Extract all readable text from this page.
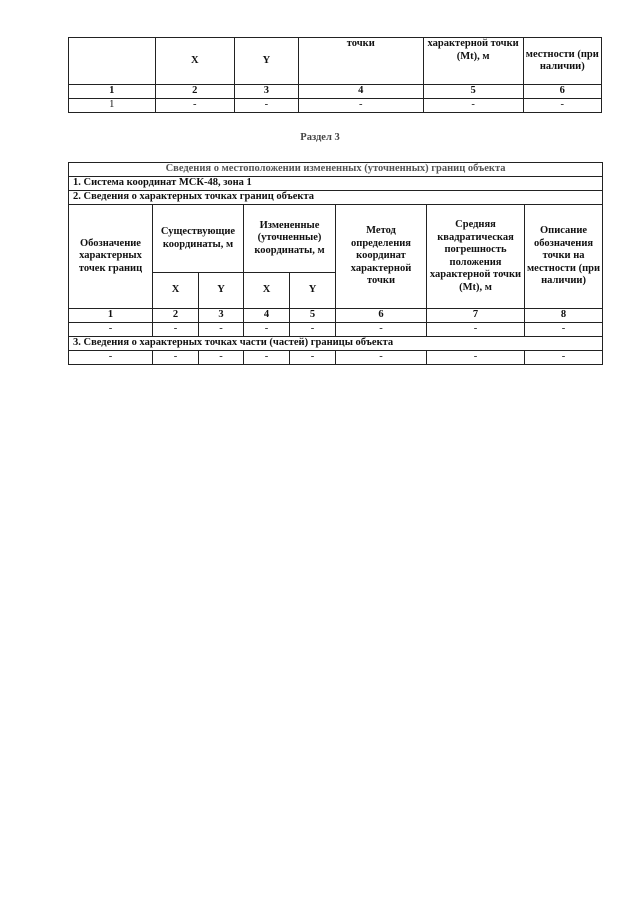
	X	Y	точки	характерной точки (Mt), м	местности (при наличии)
1	2	3	4	5	6
1	-	-	-	-	-
Раздел 3
Сведения о местоположении измененных (уточненных) границ объекта							
1. Система координат МСК-48, зона 1							
2. Сведения о характерных точках границ объекта							
Обозначение характерных точек границ	Существующие координаты, м		Измененные (уточненные) координаты, м		Метод определения координат характерной точки	Средняя квадратическая погрешность положения характерной точки (Mt), м	Описание обозначения точки на местности (при наличии)
	X	Y	X	Y			
1	2	3	4	5	6	7	8
-	-	-	-	-	-	-	-
3. Сведения о характерных точках части (частей) границы объекта							
-	-	-	-	-	-	-	-
